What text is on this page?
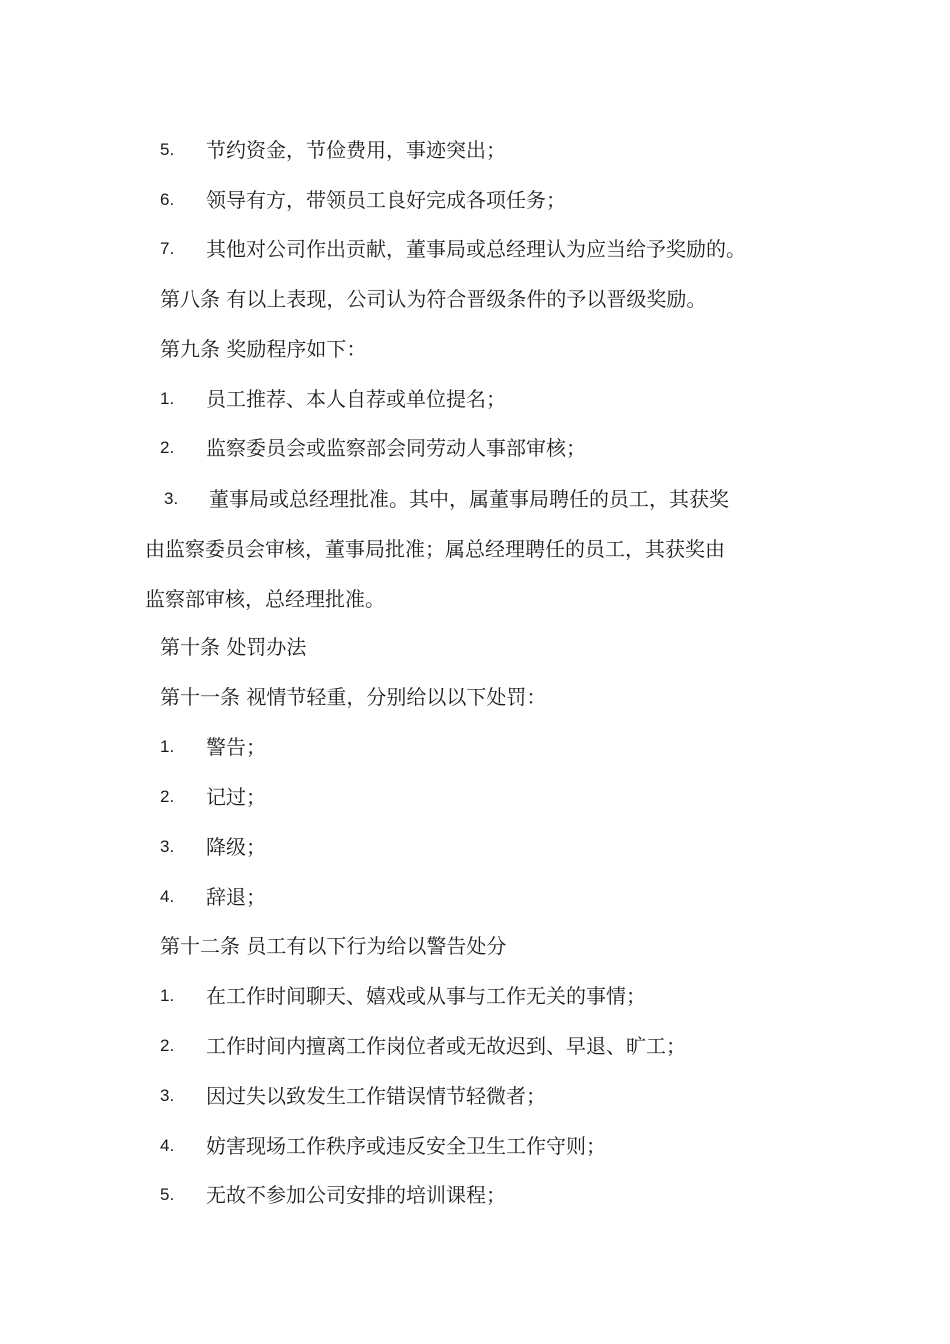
5. 节约资金，节俭费用，事迹突出；
6. 领导有方，带领员工良好完成各项任务；
7. 其他对公司作出贡献，董事局或总经理认为应当给予奖励的。
第八条 有以上表现，公司认为符合晋级条件的予以晋级奖励。
第九条 奖励程序如下：
1. 员工推荐、本人自荐或单位提名；
2. 监察委员会或监察部会同劳动人事部审核；
3. 董事局或总经理批准。其中，属董事局聘任的员工，其获奖
由监察委员会审核，董事局批准；属总经理聘任的员工，其获奖由
监察部审核，总经理批准。
第十条 处罚办法
第十一条 视情节轻重，分别给以以下处罚：
1. 警告；
2. 记过；
3. 降级；
4. 辞退；
第十二条 员工有以下行为给以警告处分
1. 在工作时间聊天、嬉戏或从事与工作无关的事情；
2. 工作时间内擅离工作岗位者或无故迟到、早退、旷工；
3. 因过失以致发生工作错误情节轻微者；
4. 妨害现场工作秩序或违反安全卫生工作守则；
5. 无故不参加公司安排的培训课程；
